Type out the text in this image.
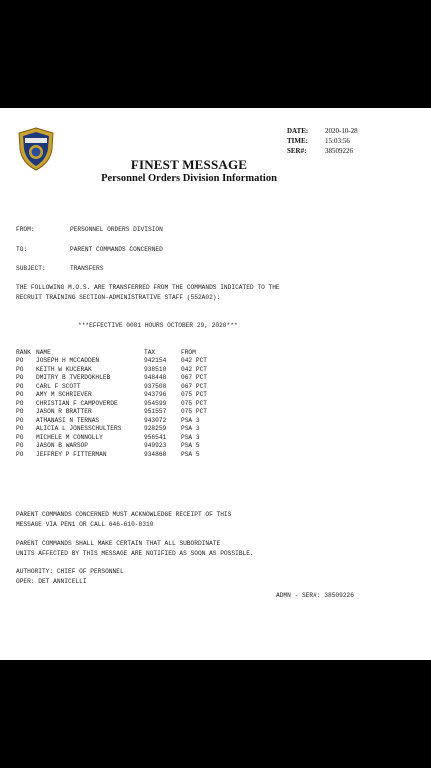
DATE:	2020-10-28
TIME:	15:03:56
SER#:	38509226
FINEST MESSAGE
Personnel Orders Division Information
FROM:	PERSONNEL ORDERS DIVISION
TO:	PARENT COMMANDS CONCERNED
SUBJECT:	TRANSFERS
THE FOLLOWING M.O.S. ARE TRANSFERRED FROM THE COMMANDS INDICATED TO THE
RECRUIT TRAINING SECTION-ADMINISTRATIVE STAFF (552A02):
***EFFECTIVE 0001 HOURS OCTOBER 29, 2020***
RANK	NAME	TAX	FROM
PO	JOSEPH H MCCADDEN	942154	042 PCT
PO	KEITH W KUCERAK	938510	042 PCT
PO	DMITRY B TVERDOKHLEB	948448	067 PCT
PO	CARL F SCOTT	937508	067 PCT
PO	AMY M SCHRIEVER	943796	075 PCT
PO	CHRISTIAN F CAMPOVERDE	954599	075 PCT
PO	JASON R BRATTER	951557	075 PCT
PO	ATHANASI N TERNAS	943072	PSA 3
PO	ALICIA L JONESSCHULTERS	928259	PSA 3
PO	MICHELE M CONNOLLY	956541	PSA 3
PO	JASON B WARSOP	949923	PSA 5
PO	JEFFREY P FITTERMAN	934868	PSA 5
PARENT COMMANDS CONCERNED MUST ACKNOWLEDGE RECEIPT OF THIS
MESSAGE VIA PEN1 OR CALL 646-610-8310
PARENT COMMANDS SHALL MAKE CERTAIN THAT ALL SUBORDINATE
UNITS AFFECTED BY THIS MESSAGE ARE NOTIFIED AS SOON AS POSSIBLE.
AUTHORITY: CHIEF OF PERSONNEL
OPER: DET ANNICELLI
ADMN - SER#: 38509226
